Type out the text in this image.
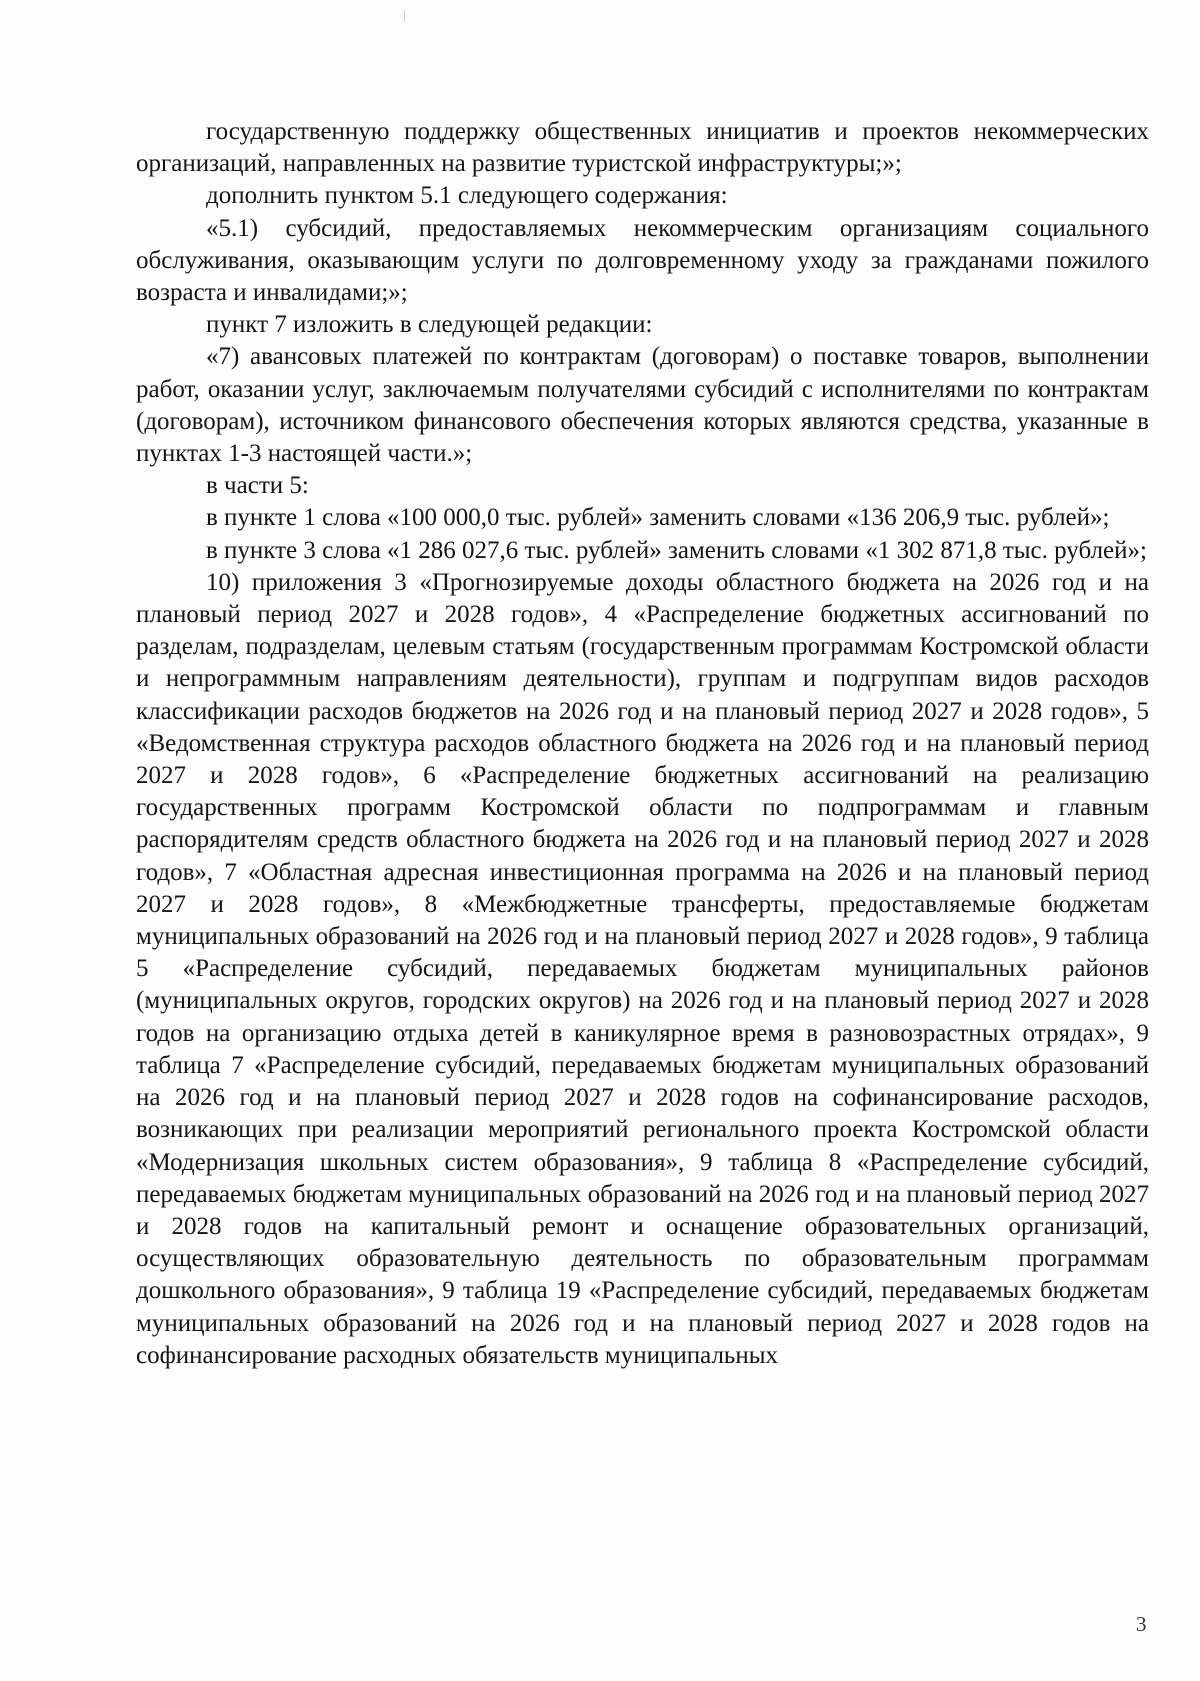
государственную поддержку общественных инициатив и проектов некоммерческих организаций, направленных на развитие туристской инфраструктуры;»;

дополнить пунктом 5.1 следующего содержания:

«5.1) субсидий, предоставляемых некоммерческим организациям социального обслуживания, оказывающим услуги по долговременному уходу за гражданами пожилого возраста и инвалидами;»;

пункт 7 изложить в следующей редакции:

«7) авансовых платежей по контрактам (договорам) о поставке товаров, выполнении работ, оказании услуг, заключаемым получателями субсидий с исполнителями по контрактам (договорам), источником финансового обеспечения которых являются средства, указанные в пунктах 1-3 настоящей части.»;

в части 5:

в пункте 1 слова «100 000,0 тыс. рублей» заменить словами «136 206,9 тыс. рублей»;

в пункте 3 слова «1 286 027,6 тыс. рублей» заменить словами «1 302 871,8 тыс. рублей»;

10) приложения 3 «Прогнозируемые доходы областного бюджета на 2026 год и на плановый период 2027 и 2028 годов», 4 «Распределение бюджетных ассигнований по разделам, подразделам, целевым статьям (государственным программам Костромской области и непрограммным направлениям деятельности), группам и подгруппам видов расходов классификации расходов бюджетов на 2026 год и на плановый период 2027 и 2028 годов», 5 «Ведомственная структура расходов областного бюджета на 2026 год и на плановый период 2027 и 2028 годов», 6 «Распределение бюджетных ассигнований на реализацию государственных программ Костромской области по подпрограммам и главным распорядителям средств областного бюджета на 2026 год и на плановый период 2027 и 2028 годов», 7 «Областная адресная инвестиционная программа на 2026 и на плановый период 2027 и 2028 годов», 8 «Межбюджетные трансферты, предоставляемые бюджетам муниципальных образований на 2026 год и на плановый период 2027 и 2028 годов», 9 таблица 5 «Распределение субсидий, передаваемых бюджетам муниципальных районов (муниципальных округов, городских округов) на 2026 год и на плановый период 2027 и 2028 годов на организацию отдыха детей в каникулярное время в разновозрастных отрядах», 9 таблица 7 «Распределение субсидий, передаваемых бюджетам муниципальных образований на 2026 год и на плановый период 2027 и 2028 годов на софинансирование расходов, возникающих при реализации мероприятий регионального проекта Костромской области «Модернизация школьных систем образования», 9 таблица 8 «Распределение субсидий, передаваемых бюджетам муниципальных образований на 2026 год и на плановый период 2027 и 2028 годов на капитальный ремонт и оснащение образовательных организаций, осуществляющих образовательную деятельность по образовательным программам дошкольного образования», 9 таблица 19 «Распределение субсидий, передаваемых бюджетам муниципальных образований на 2026 год и на плановый период 2027 и 2028 годов на софинансирование расходных обязательств муниципальных

3
